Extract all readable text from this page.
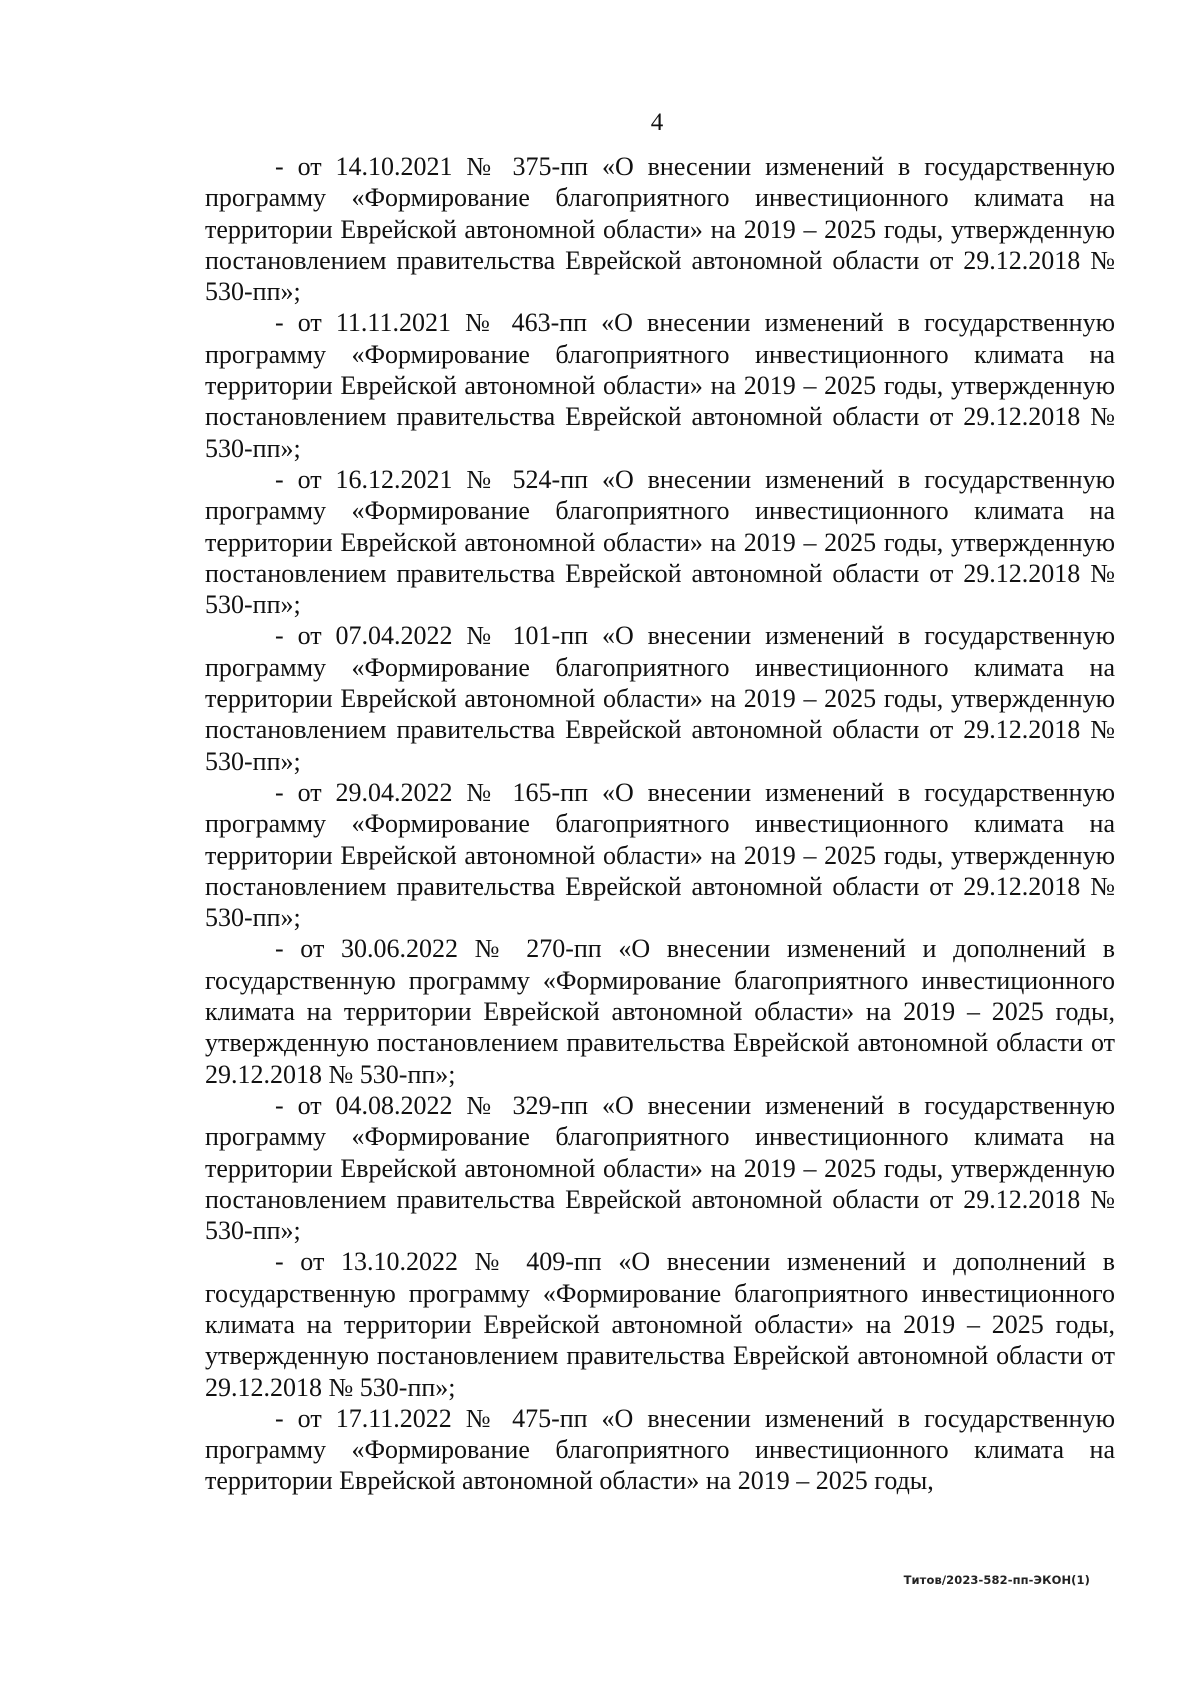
4

- от 14.10.2021 № 375-пп «О внесении изменений в государственную программу «Формирование благоприятного инвестиционного климата на территории Еврейской автономной области» на 2019 – 2025 годы, утвержденную постановлением правительства Еврейской автономной области от 29.12.2018 № 530-пп»;

- от 11.11.2021 № 463-пп «О внесении изменений в государственную программу «Формирование благоприятного инвестиционного климата на территории Еврейской автономной области» на 2019 – 2025 годы, утвержденную постановлением правительства Еврейской автономной области от 29.12.2018 № 530-пп»;

- от 16.12.2021 № 524-пп «О внесении изменений в государственную программу «Формирование благоприятного инвестиционного климата на территории Еврейской автономной области» на 2019 – 2025 годы, утвержденную постановлением правительства Еврейской автономной области от 29.12.2018 № 530-пп»;

- от 07.04.2022 № 101-пп «О внесении изменений в государственную программу «Формирование благоприятного инвестиционного климата на территории Еврейской автономной области» на 2019 – 2025 годы, утвержденную постановлением правительства Еврейской автономной области от 29.12.2018 № 530-пп»;

- от 29.04.2022 № 165-пп «О внесении изменений в государственную программу «Формирование благоприятного инвестиционного климата на территории Еврейской автономной области» на 2019 – 2025 годы, утвержденную постановлением правительства Еврейской автономной области от 29.12.2018 № 530-пп»;

- от 30.06.2022 № 270-пп «О внесении изменений и дополнений в государственную программу «Формирование благоприятного инвестиционного климата на территории Еврейской автономной области» на 2019 – 2025 годы, утвержденную постановлением правительства Еврейской автономной области от 29.12.2018 № 530-пп»;

- от 04.08.2022 № 329-пп «О внесении изменений в государственную программу «Формирование благоприятного инвестиционного климата на территории Еврейской автономной области» на 2019 – 2025 годы, утвержденную постановлением правительства Еврейской автономной области от 29.12.2018 № 530-пп»;

- от 13.10.2022 № 409-пп «О внесении изменений и дополнений в государственную программу «Формирование благоприятного инвестиционного климата на территории Еврейской автономной области» на 2019 – 2025 годы, утвержденную постановлением правительства Еврейской автономной области от 29.12.2018 № 530-пп»;

- от 17.11.2022 № 475-пп «О внесении изменений в государственную программу «Формирование благоприятного инвестиционного климата на территории Еврейской автономной области» на 2019 – 2025 годы,

Титов/2023-582-пп-ЭКОН(1)
